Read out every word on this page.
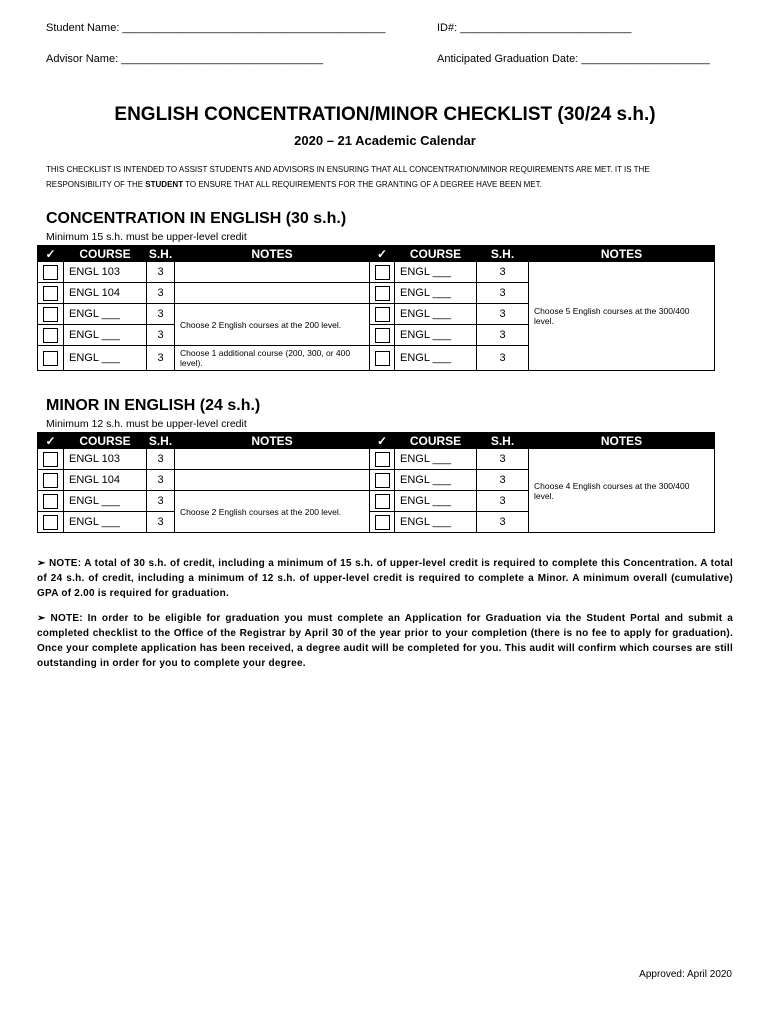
Student Name: ___________________________________________	ID#: ____________________________
Advisor Name: _________________________________	Anticipated Graduation Date: _____________________
ENGLISH CONCENTRATION/MINOR CHECKLIST (30/24 s.h.)
2020 – 21 Academic Calendar
THIS CHECKLIST IS INTENDED TO ASSIST STUDENTS AND ADVISORS IN ENSURING THAT ALL CONCENTRATION/MINOR REQUIREMENTS ARE MET. IT IS THE
RESPONSIBILITY OF THE STUDENT TO ENSURE THAT ALL REQUIREMENTS FOR THE GRANTING OF A DEGREE HAVE BEEN MET.
CONCENTRATION IN ENGLISH (30 s.h.)
Minimum 15 s.h. must be upper-level credit
✓	COURSE	S.H.	NOTES	✓	COURSE	S.H.	NOTES
	ENGL 103	3			ENGL ___	3	Choose 5 English courses at the 300/400 level.
	ENGL 104	3			ENGL ___	3	
	ENGL ___	3	Choose 2 English courses at the 200 level.		ENGL ___	3	
	ENGL ___	3			ENGL ___	3	
	ENGL ___	3	Choose 1 additional course (200, 300, or 400 level).		ENGL ___	3	
MINOR IN ENGLISH (24 s.h.)
Minimum 12 s.h. must be upper-level credit
✓	COURSE	S.H.	NOTES	✓	COURSE	S.H.	NOTES
	ENGL 103	3			ENGL ___	3	Choose 4 English courses at the 300/400 level.
	ENGL 104	3			ENGL ___	3	
	ENGL ___	3	Choose 2 English courses at the 200 level.		ENGL ___	3	
	ENGL ___	3			ENGL ___	3	
➢ NOTE: A total of 30 s.h. of credit, including a minimum of 15 s.h. of upper-level credit is required to complete this Concentration. A total of 24 s.h. of credit, including a minimum of 12 s.h. of upper-level credit is required to complete a Minor. A minimum overall (cumulative) GPA of 2.00 is required for graduation.
➢ NOTE: In order to be eligible for graduation you must complete an Application for Graduation via the Student Portal and submit a completed checklist to the Office of the Registrar by April 30 of the year prior to your completion (there is no fee to apply for graduation). Once your complete application has been received, a degree audit will be completed for you. This audit will confirm which courses are still outstanding in order for you to complete your degree.
Approved: April 2020
